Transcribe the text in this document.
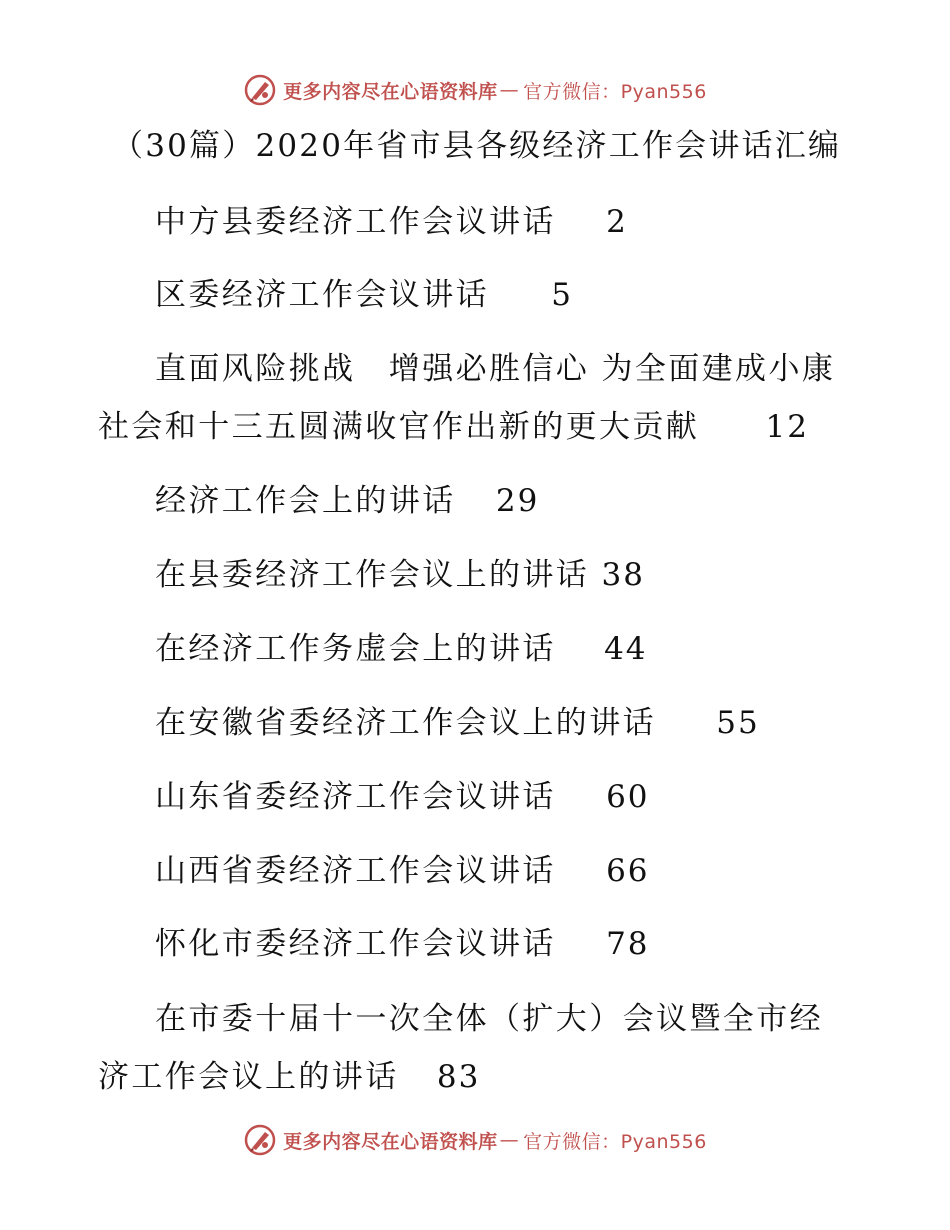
更多内容尽在心语资料库 — 官方微信：Pyan556
（30篇）2020年省市县各级经济工作会讲话汇编
中方县委经济工作会议讲话 2
区委经济工作会议讲话 5
直面风险挑战　增强必胜信心 为全面建成小康
社会和十三五圆满收官作出新的更大贡献 12
经济工作会上的讲话 29
在县委经济工作会议上的讲话 38
在经济工作务虚会上的讲话 44
在安徽省委经济工作会议上的讲话 55
山东省委经济工作会议讲话 60
山西省委经济工作会议讲话 66
怀化市委经济工作会议讲话 78
在市委十届十一次全体（扩大）会议暨全市经
济工作会议上的讲话 83
更多内容尽在心语资料库 — 官方微信：Pyan556
